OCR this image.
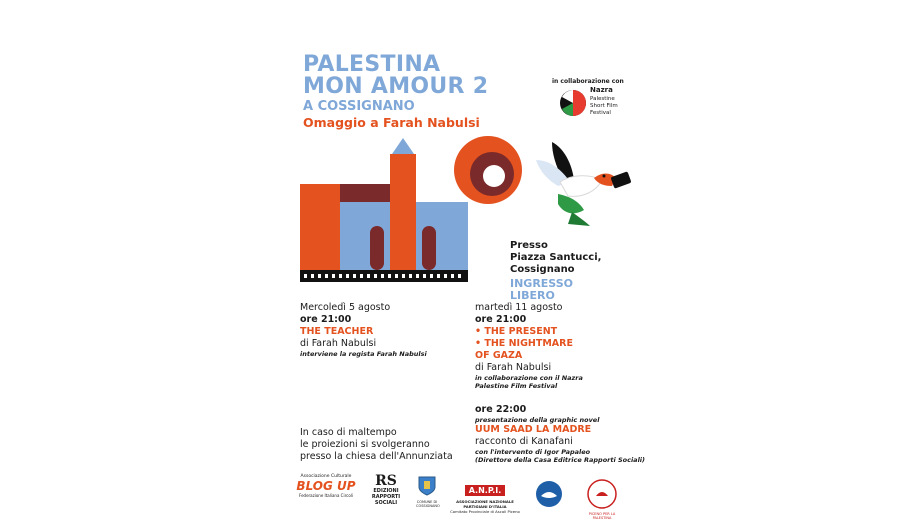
PALESTINA
MON AMOUR 2
A COSSIGNANO
Omaggio a Farah Nabulsi
in collaborazione con
Nazra
Palestine
Short Film
Festival
Presso
Piazza Santucci,
Cossignano
INGRESSO
LIBERO
Mercoledì 5 agosto
ore 21:00
THE TEACHER
di Farah Nabulsi
intervien​e la regista Farah Nabulsi
martedì 11 agosto
ore 21:00
• THE PRESENT
• THE NIGHTMARE
OF GAZA
di Farah Nabulsi
in collaborazione con il Nazra
Palestine Film Festival
ore 22:00
presentazione della graphic novel
UUM SAAD LA MADRE
racconto di Kanafani
con l'intervento di Igor Papaleo
(Direttore della Casa Editrice Rapporti Sociali)
In caso di maltempo
le proiezioni si svolgeranno
presso la chiesa dell'Annunziata
Associazione Culturale
BLOG UP
Federazione Italiana Circoli
RS
EDIZIONI
RAPPORTI SOCIALI	COMUNE DI COSSIGNANO
A.N.P.I.
ASSOCIAZIONE NAZIONALE PARTIGIANI D'ITALIA
Comitato Provinciale di Ascoli Piceno	PICENO PER LA PALESTINA
